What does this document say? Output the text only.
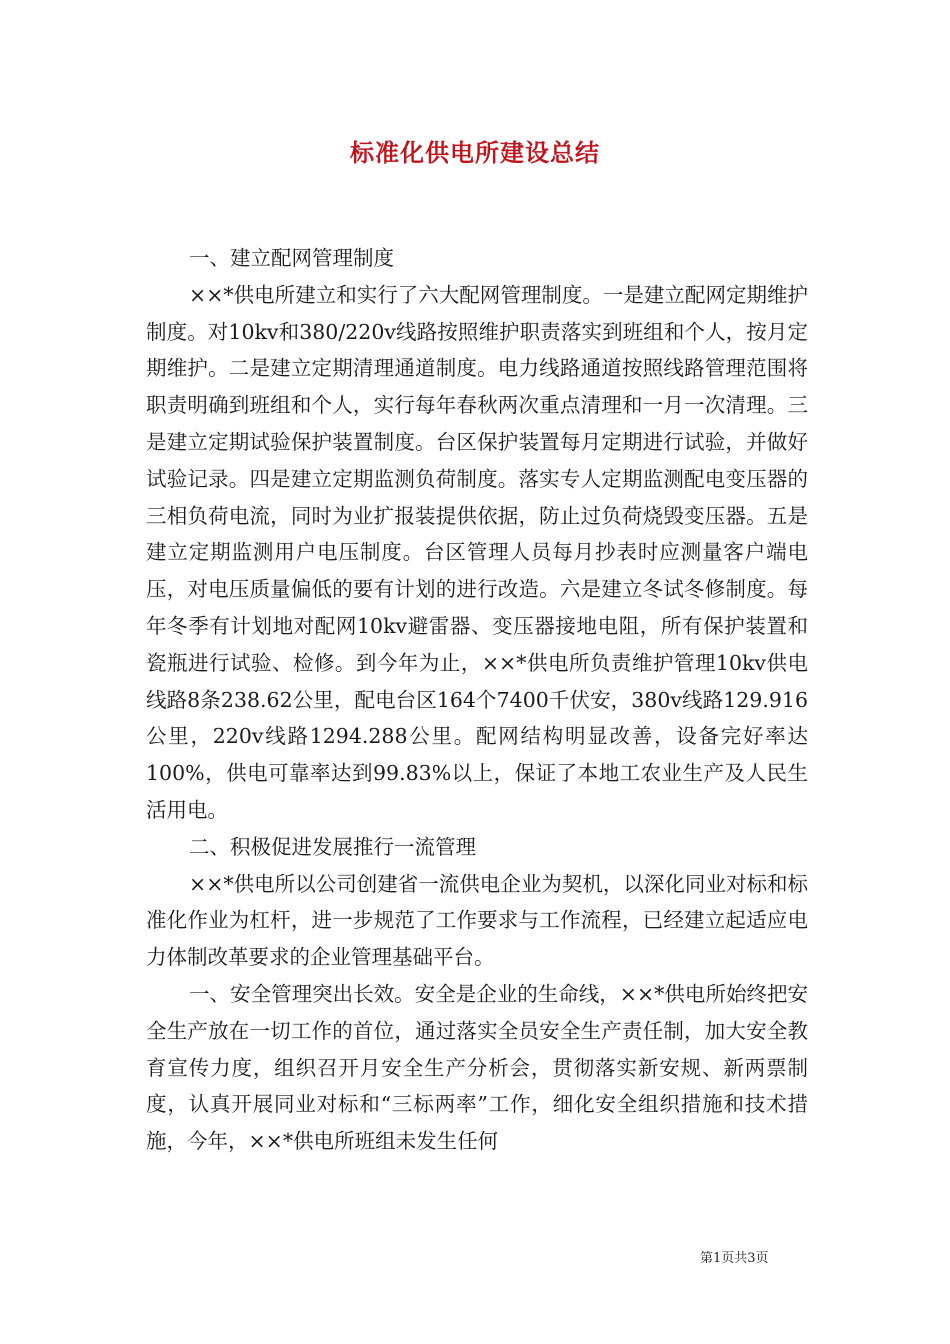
标准化供电所建设总结

一、建立配网管理制度

××*供电所建立和实行了六大配网管理制度。一是建立配网定期维护制度。对10kv和380/220v线路按照维护职责落实到班组和个人，按月定期维护。二是建立定期清理通道制度。电力线路通道按照线路管理范围将职责明确到班组和个人，实行每年春秋两次重点清理和一月一次清理。三是建立定期试验保护装置制度。台区保护装置每月定期进行试验，并做好试验记录。四是建立定期监测负荷制度。落实专人定期监测配电变压器的三相负荷电流，同时为业扩报装提供依据，防止过负荷烧毁变压器。五是建立定期监测用户电压制度。台区管理人员每月抄表时应测量客户端电压，对电压质量偏低的要有计划的进行改造。六是建立冬试冬修制度。每年冬季有计划地对配网10kv避雷器、变压器接地电阻，所有保护装置和瓷瓶进行试验、检修。到今年为止，××*供电所负责维护管理10kv供电线路8条238.62公里，配电台区164个7400千伏安，380v线路129.916公里，220v线路1294.288公里。配网结构明显改善，设备完好率达100%，供电可靠率达到99.83%以上，保证了本地工农业生产及人民生活用电。

二、积极促进发展推行一流管理

××*供电所以公司创建省一流供电企业为契机，以深化同业对标和标准化作业为杠杆，进一步规范了工作要求与工作流程，已经建立起适应电力体制改革要求的企业管理基础平台。

一、安全管理突出长效。安全是企业的生命线，××*供电所始终把安全生产放在一切工作的首位，通过落实全员安全生产责任制，加大安全教育宣传力度，组织召开月安全生产分析会，贯彻落实新安规、新两票制度，认真开展同业对标和“三标两率”工作，细化安全组织措施和技术措施，今年，××*供电所班组未发生任何

第1页共3页
